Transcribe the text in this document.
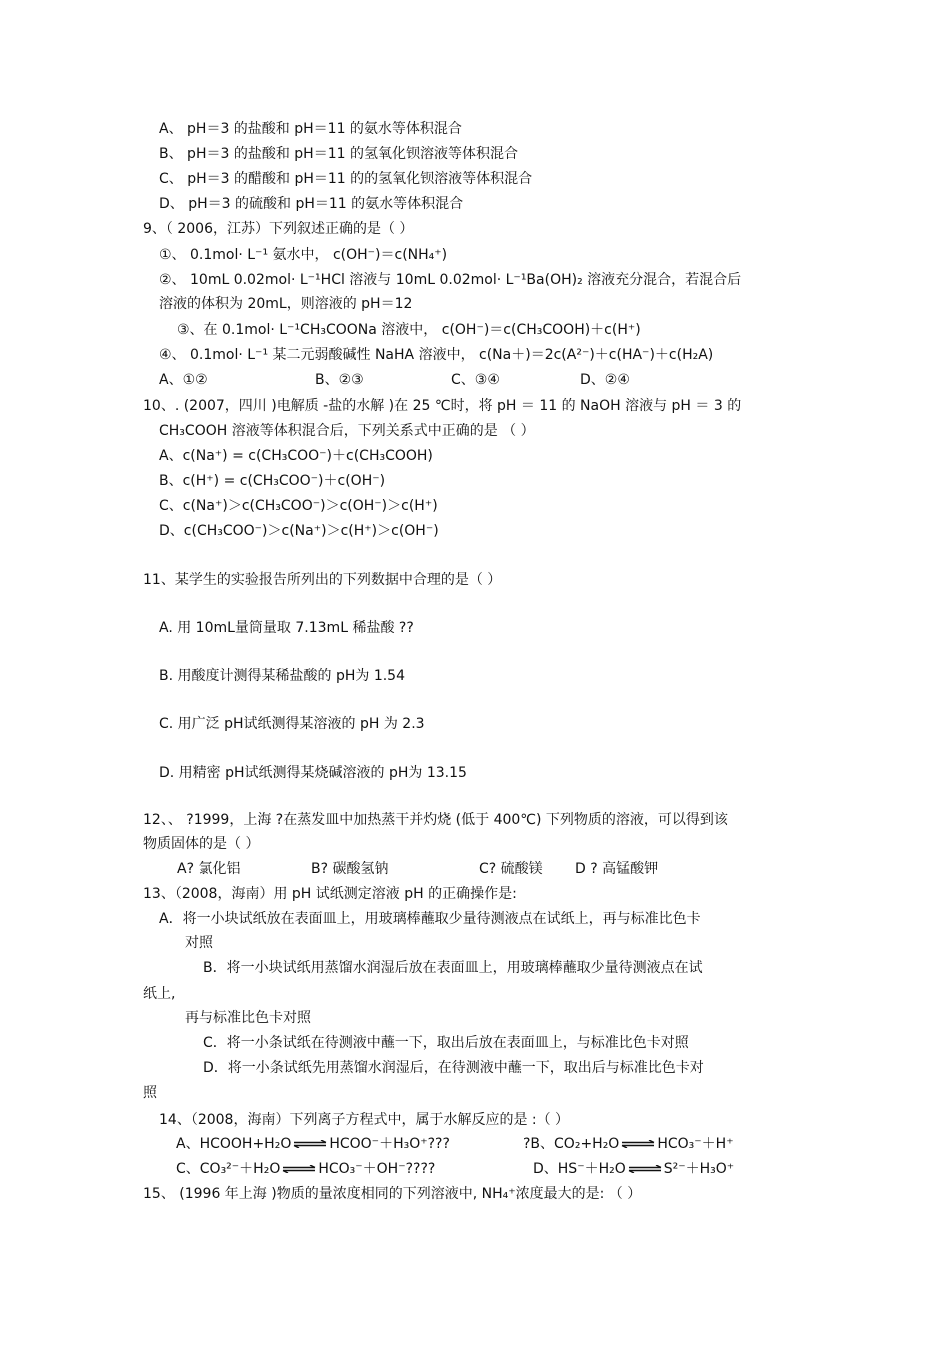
A、 pH＝3 的盐酸和 pH＝11 的氨水等体积混合
B、 pH＝3 的盐酸和 pH＝11 的氢氧化钡溶液等体积混合
C、 pH＝3 的醋酸和 pH＝11 的的氢氧化钡溶液等体积混合
D、 pH＝3 的硫酸和 pH＝11 的氨水等体积混合
9、（ 2006，江苏）下列叙述正确的是（ ）
①、 0.1mol· L⁻¹ 氨水中， c(OH⁻)＝c(NH₄⁺)
②、 10mL 0.02mol· L⁻¹HCl 溶液与 10mL 0.02mol· L⁻¹Ba(OH)₂ 溶液充分混合，若混合后
溶液的体积为 20mL，则溶液的 pH＝12
③、在 0.1mol· L⁻¹CH₃COONa 溶液中， c(OH⁻)＝c(CH₃COOH)＋c(H⁺)
④、 0.1mol· L⁻¹ 某二元弱酸碱性 NaHA 溶液中， c(Na＋)＝2c(A²⁻)＋c(HA⁻)＋c(H₂A)
A、①②	B、②③	C、③④	D、②④
10、. (2007，四川 )电解质 -盐的水解 )在 25 ℃时，将 pH ＝ 11 的 NaOH 溶液与 pH ＝ 3 的
CH₃COOH 溶液等体积混合后，下列关系式中正确的是 （ ）
A、c(Na⁺) = c(CH₃COO⁻)＋c(CH₃COOH)
B、c(H⁺) = c(CH₃COO⁻)＋c(OH⁻)
C、c(Na⁺)＞c(CH₃COO⁻)＞c(OH⁻)＞c(H⁺)
D、c(CH₃COO⁻)＞c(Na⁺)＞c(H⁺)＞c(OH⁻)
11、某学生的实验报告所列出的下列数据中合理的是（ ）
A. 用 10mL量筒量取 7.13mL 稀盐酸 ??
B. 用酸度计测得某稀盐酸的 pH为 1.54
C. 用广泛 pH试纸测得某溶液的 pH 为 2.3
D. 用精密 pH试纸测得某烧碱溶液的 pH为 13.15
12、、 ?1999，上海 ?在蒸发皿中加热蒸干并灼烧 (低于 400℃) 下列物质的溶液，可以得到该
物质固体的是（ ）
A? 氯化铝	B? 碳酸氢钠	C? 硫酸镁 D ? 高锰酸钾
13、（2008，海南）用 pH 试纸测定溶液 pH 的正确操作是:
A．将一小块试纸放在表面皿上，用玻璃棒蘸取少量待测液点在试纸上，再与标准比色卡
对照
B．将一小块试纸用蒸馏水润湿后放在表面皿上，用玻璃棒蘸取少量待测液点在试
纸上,
再与标准比色卡对照
C．将一小条试纸在待测液中蘸一下，取出后放在表面皿上，与标准比色卡对照
D．将一小条试纸先用蒸馏水润湿后，在待测液中蘸一下，取出后与标准比色卡对
照
14、（2008，海南）下列离子方程式中，属于水解反应的是 :（ ）
A、HCOOH+H₂O ⇌ HCOO⁻＋H₃O⁺???	?B、CO₂+H₂O ⇌ HCO₃⁻＋H⁺
C、CO₃²⁻＋H₂O ⇌ HCO₃⁻＋OH⁻????	D、HS⁻＋H₂O ⇌ S²⁻＋H₃O⁺
15、 (1996 年上海 )物质的量浓度相同的下列溶液中, NH₄⁺浓度最大的是: （ ）
